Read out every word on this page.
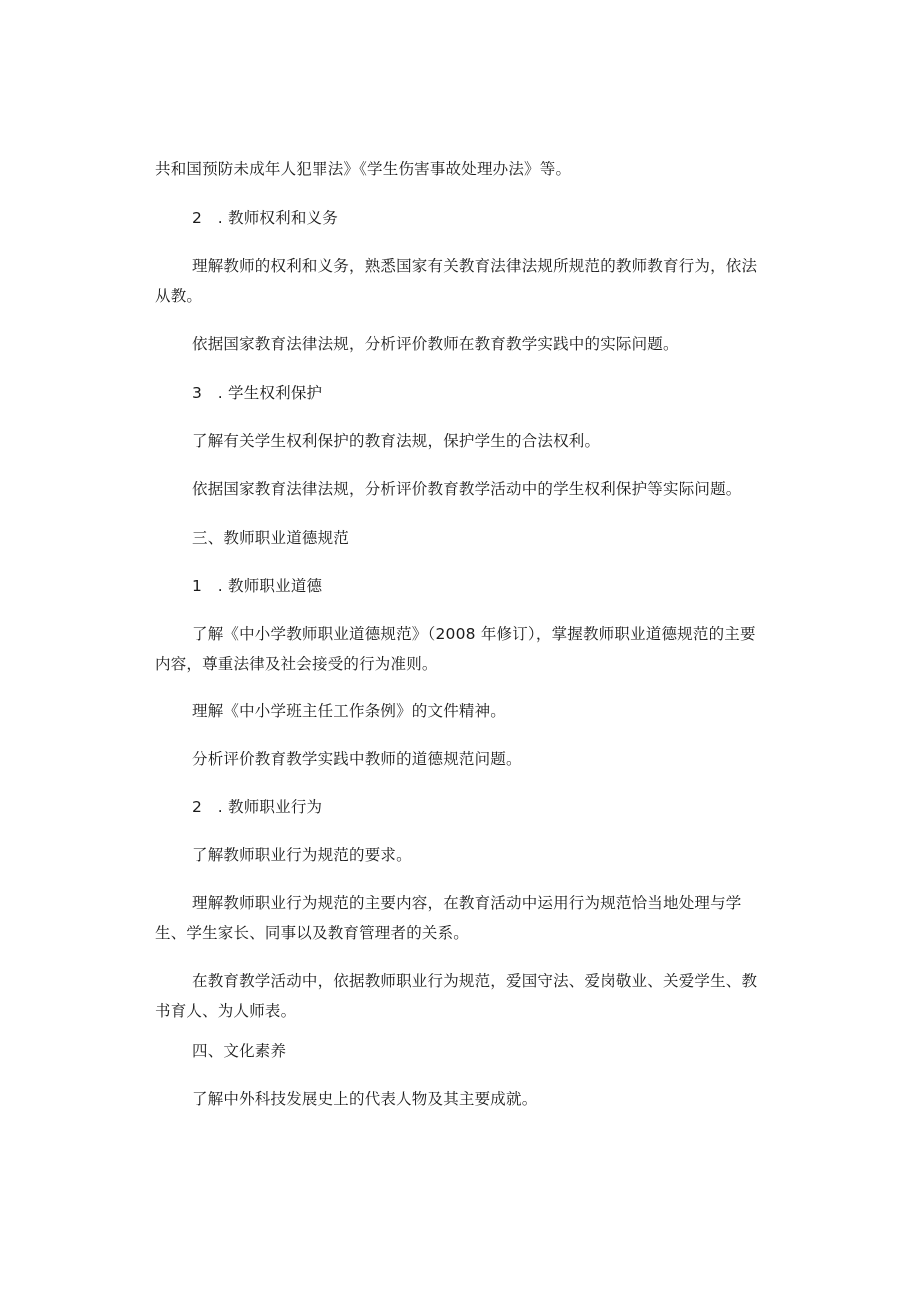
共和国预防未成年人犯罪法》《学生伤害事故处理办法》等。
2　. 教师权利和义务
理解教师的权利和义务，熟悉国家有关教育法律法规所规范的教师教育行为，依法
从教。
依据国家教育法律法规，分析评价教师在教育教学实践中的实际问题。
3　. 学生权利保护
了解有关学生权利保护的教育法规，保护学生的合法权利。
依据国家教育法律法规，分析评价教育教学活动中的学生权利保护等实际问题。
三、教师职业道德规范
1　. 教师职业道德
了解《中小学教师职业道德规范》（2008 年修订），掌握教师职业道德规范的主要
内容，尊重法律及社会接受的行为准则。
理解《中小学班主任工作条例》的文件精神。
分析评价教育教学实践中教师的道德规范问题。
2　. 教师职业行为
了解教师职业行为规范的要求。
理解教师职业行为规范的主要内容，在教育活动中运用行为规范恰当地处理与学
生、学生家长、同事以及教育管理者的关系。
在教育教学活动中，依据教师职业行为规范，爱国守法、爱岗敬业、关爱学生、教
书育人、为人师表。
四、文化素养
了解中外科技发展史上的代表人物及其主要成就。
